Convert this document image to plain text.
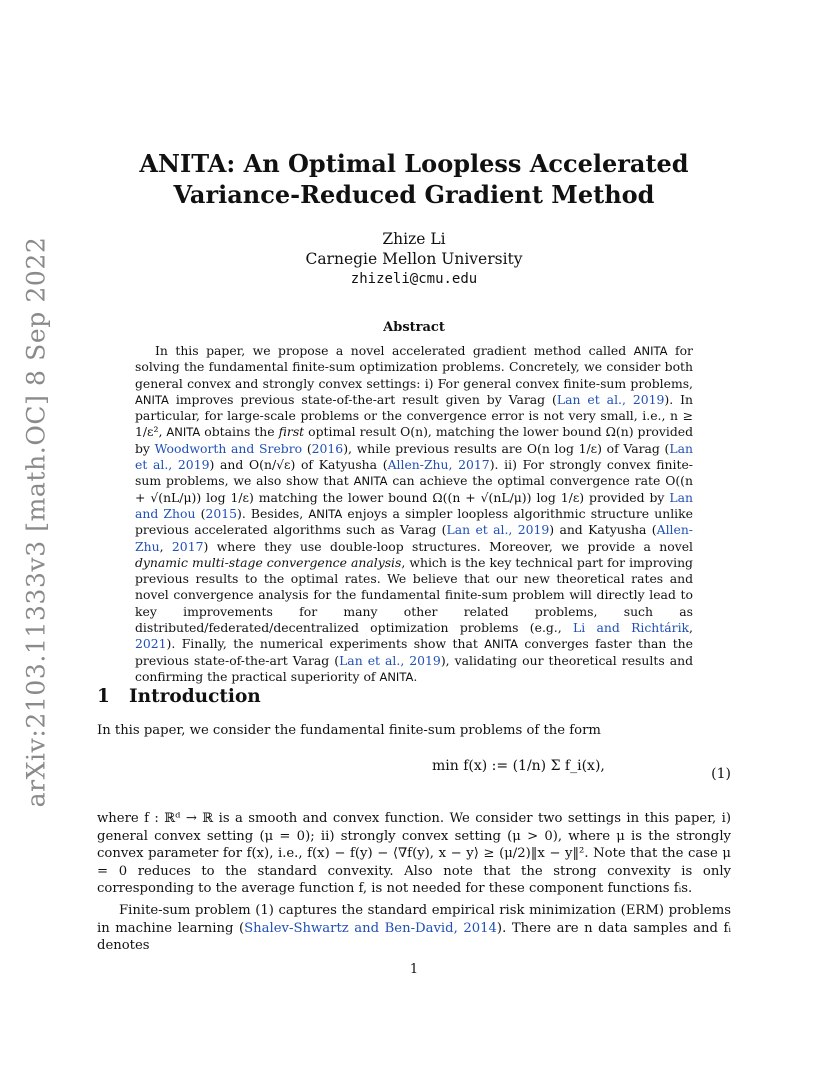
arXiv:2103.11333v3 [math.OC] 8 Sep 2022
ANITA: An Optimal Loopless Accelerated
Variance-Reduced Gradient Method
Zhize Li
Carnegie Mellon University
zhizeli@cmu.edu
Abstract

In this paper, we propose a novel accelerated gradient method called ANITA for solving the fundamental finite-sum optimization problems. Concretely, we consider both general convex and strongly convex settings: i) For general convex finite-sum problems, ANITA improves previous state-of-the-art result given by Varag (Lan et al., 2019). In particular, for large-scale problems or the convergence error is not very small, i.e., n ≥ 1/ε², ANITA obtains the first optimal result O(n), matching the lower bound Ω(n) provided by Woodworth and Srebro (2016), while previous results are O(n log 1/ε) of Varag (Lan et al., 2019) and O(n/√ε) of Katyusha (Allen-Zhu, 2017). ii) For strongly convex finite-sum problems, we also show that ANITA can achieve the optimal convergence rate O((n + √(nL/μ)) log 1/ε) matching the lower bound Ω((n + √(nL/μ)) log 1/ε) provided by Lan and Zhou (2015). Besides, ANITA enjoys a simpler loopless algorithmic structure unlike previous accelerated algorithms such as Varag (Lan et al., 2019) and Katyusha (Allen-Zhu, 2017) where they use double-loop structures. Moreover, we provide a novel dynamic multi-stage convergence analysis, which is the key technical part for improving previous results to the optimal rates. We believe that our new theoretical rates and novel convergence analysis for the fundamental finite-sum problem will directly lead to key improvements for many other related problems, such as distributed/federated/decentralized optimization problems (e.g., Li and Richtárik, 2021). Finally, the numerical experiments show that ANITA converges faster than the previous state-of-the-art Varag (Lan et al., 2019), validating our theoretical results and confirming the practical superiority of ANITA.

1 Introduction

In this paper, we consider the fundamental finite-sum problems of the form

min f(x) := (1/n) Σ f_i(x),	(1)

where f : ℝᵈ → ℝ is a smooth and convex function. We consider two settings in this paper, i) general convex setting (μ = 0); ii) strongly convex setting (μ > 0), where μ is the strongly convex parameter for f(x), i.e., f(x) − f(y) − ⟨∇f(y), x − y⟩ ≥ (μ/2)‖x − y‖². Note that the case μ = 0 reduces to the standard convexity. Also note that the strong convexity is only corresponding to the average function f, is not needed for these component functions fᵢs.

Finite-sum problem (1) captures the standard empirical risk minimization (ERM) problems in machine learning (Shalev-Shwartz and Ben-David, 2014). There are n data samples and fᵢ denotes

1
